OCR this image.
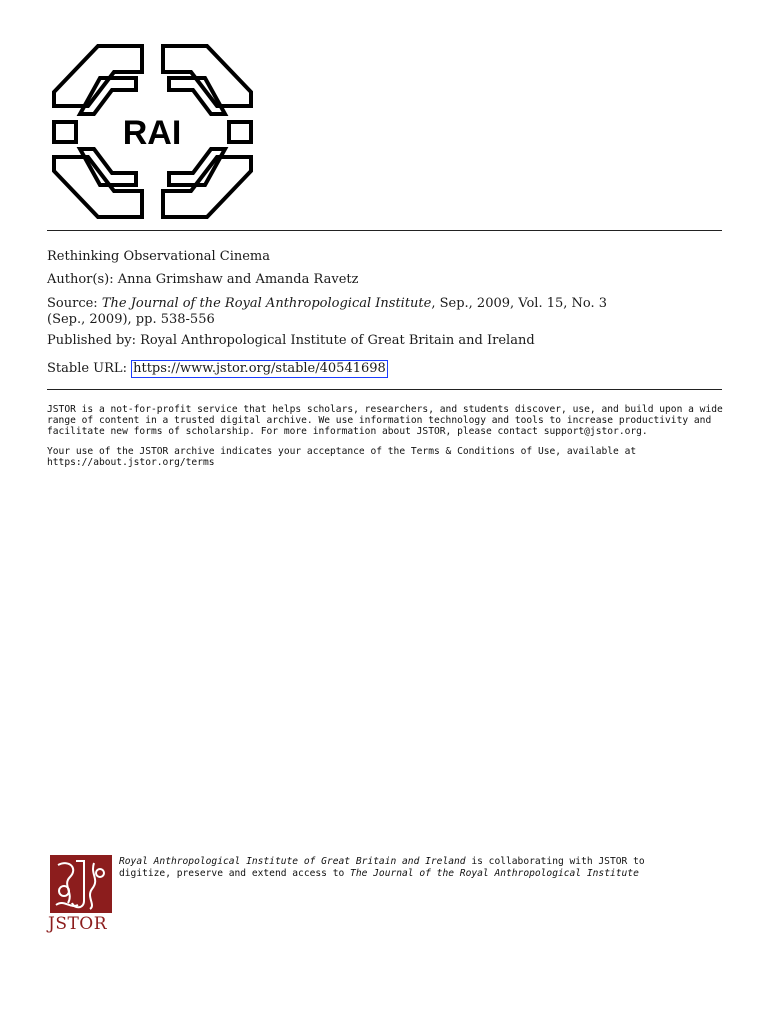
RAI
Rethinking Observational Cinema
Author(s): Anna Grimshaw and Amanda Ravetz
Source: The Journal of the Royal Anthropological Institute, Sep., 2009, Vol. 15, No. 3
(Sep., 2009), pp. 538-556
Published by: Royal Anthropological Institute of Great Britain and Ireland
Stable URL: https://www.jstor.org/stable/40541698
JSTOR is a not-for-profit service that helps scholars, researchers, and students discover, use, and build upon a wide
range of content in a trusted digital archive. We use information technology and tools to increase productivity and
facilitate new forms of scholarship. For more information about JSTOR, please contact support@jstor.org.
Your use of the JSTOR archive indicates your acceptance of the Terms & Conditions of Use, available at
https://about.jstor.org/terms
JSTOR
Royal Anthropological Institute of Great Britain and Ireland is collaborating with JSTOR to
digitize, preserve and extend access to The Journal of the Royal Anthropological Institute
